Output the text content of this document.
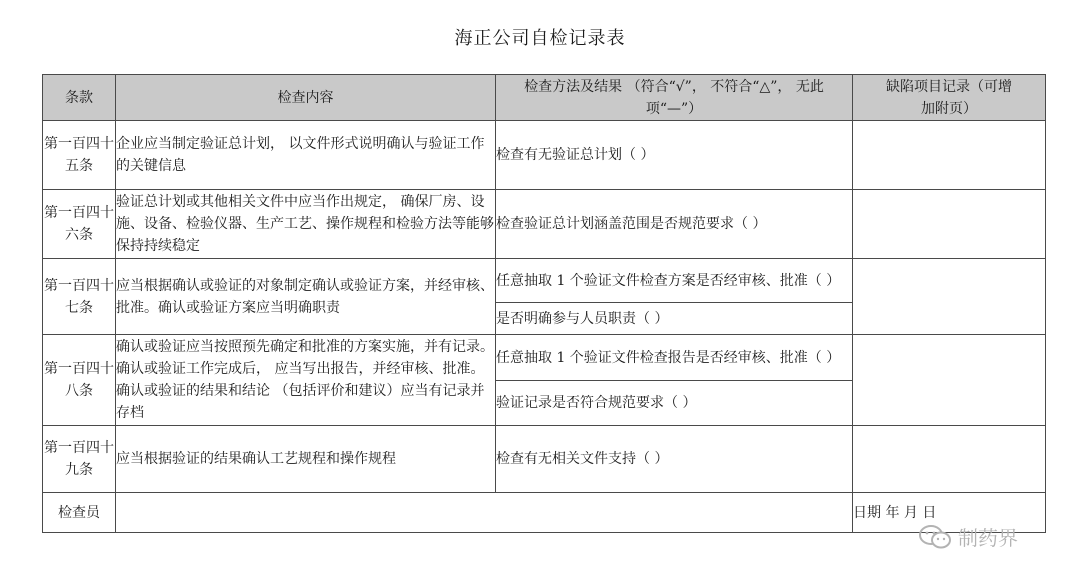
海正公司自检记录表
条款	检查内容	检查方法及结果 （符合“√”， 不符合“△”， 无此项“—”）	缺陷项目记录（可增加附页）
第一百四十五条	企业应当制定验证总计划， 以文件形式说明确认与验证工作的关键信息	检查有无验证总计划（ ）	
第一百四十六条	验证总计划或其他相关文件中应当作出规定， 确保厂房、设施、设备、检验仪器、生产工艺、操作规程和检验方法等能够保持持续稳定	检查验证总计划涵盖范围是否规范要求（ ）	
第一百四十七条	应当根据确认或验证的对象制定确认或验证方案，并经审核、批准。确认或验证方案应当明确职责	任意抽取 1 个验证文件检查方案是否经审核、批准（ ）	
		是否明确参与人员职责（ ）	
第一百四十八条	确认或验证应当按照预先确定和批准的方案实施，并有记录。确认或验证工作完成后， 应当写出报告，并经审核、批准。确认或验证的结果和结论 （包括评价和建议）应当有记录并存档	任意抽取 1 个验证文件检查报告是否经审核、批准（ ）	
		验证记录是否符合规范要求（ ）	
第一百四十九条	应当根据验证的结果确认工艺规程和操作规程	检查有无相关文件支持（ ）	
检查员			日期 年 月 日
制药界
